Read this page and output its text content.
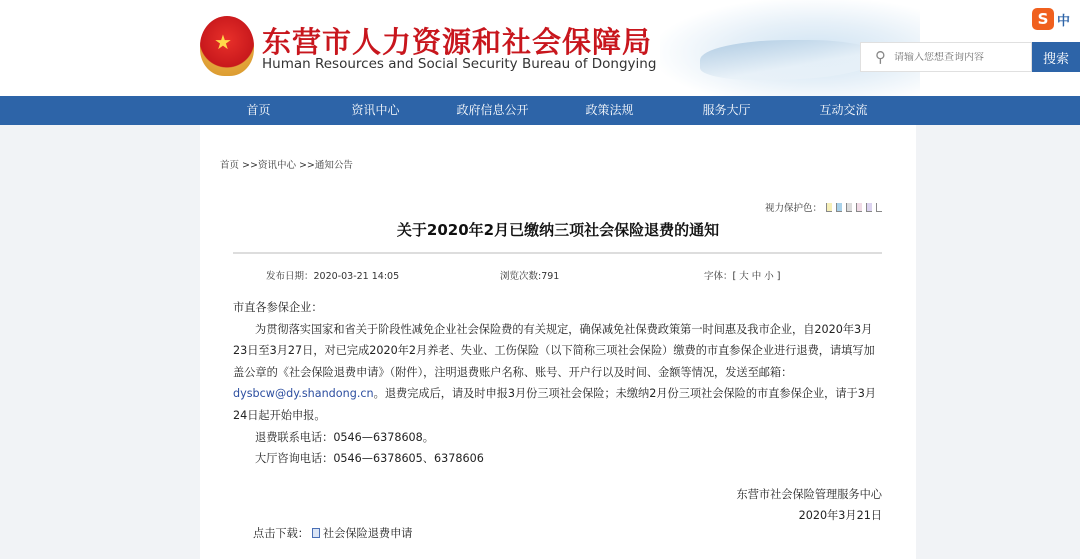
★ 东营市人力资源和社会保障局
Human Resources and Social Security Bureau of Dongying
S 中
⚲
请输入您想查询内容	搜索
首页	资讯中心	政府信息公开	政策法规	服务大厅	互动交流
首页 >>资讯中心 >>通知公告
视力保护色：
关于2020年2月已缴纳三项社会保险退费的通知
发布日期：2020-03-21 14:05	浏览次数:791	字体：[ 大 中 小 ]

市直各参保企业：

为贯彻落实国家和省关于阶段性减免企业社会保险费的有关规定，确保减免社保费政策第一时间惠及我市企业，自2020年3月23日至3月27日，对已完成2020年2月养老、失业、工伤保险（以下简称三项社会保险）缴费的市直参保企业进行退费，请填写加盖公章的《社会保险退费申请》（附件），注明退费账户名称、账号、开户行以及时间、金额等情况，发送至邮箱：dysbcw@dy.shandong.cn。退费完成后，请及时申报3月份三项社会保险；未缴纳2月份三项社会保险的市直参保企业，请于3月24日起开始申报。

退费联系电话：0546—6378608。

大厅咨询电话：0546—6378605、6378606

东营市社会保险管理服务中心
2020年3月21日
点击下载： 社会保险退费申请
